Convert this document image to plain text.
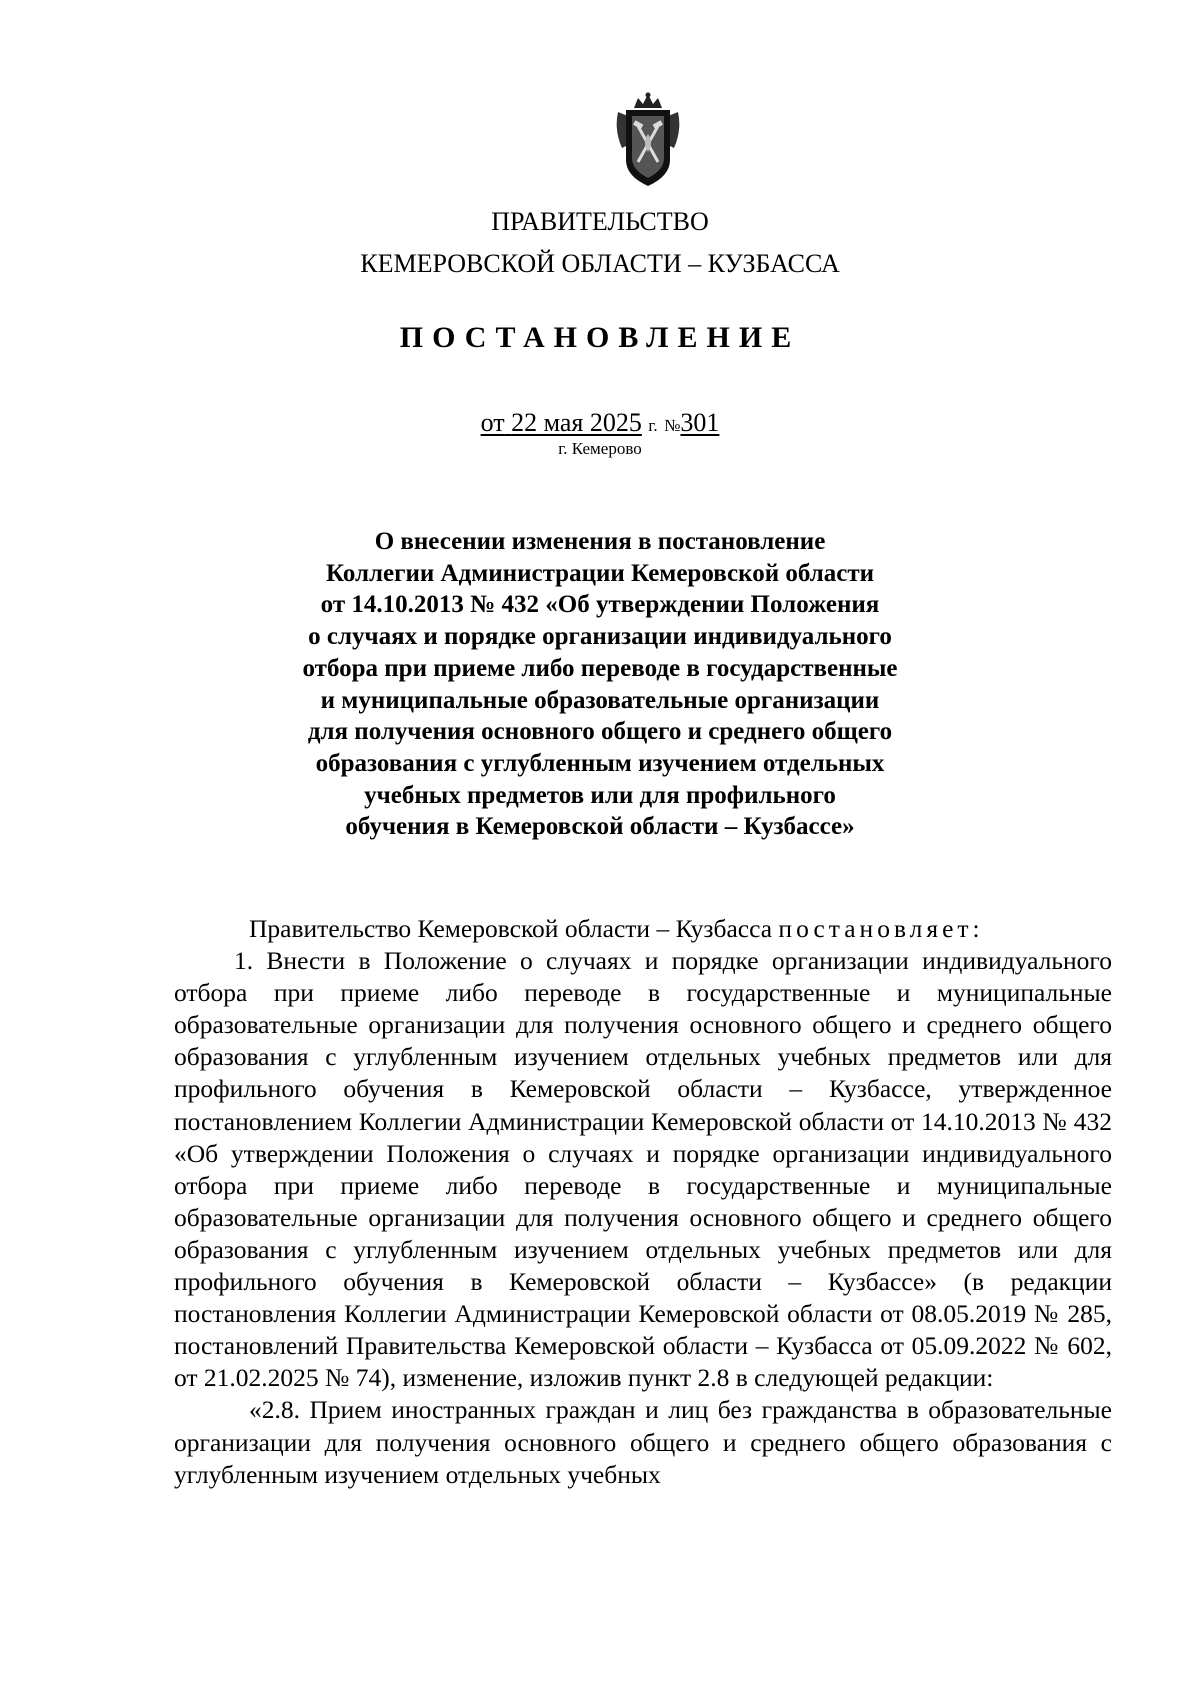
ПРАВИТЕЛЬСТВО
КЕМЕРОВСКОЙ ОБЛАСТИ – КУЗБАССА
ПОСТАНОВЛЕНИЕ
от 22 мая 2025 г. №301
г. Кемерово
О внесении изменения в постановление
Коллегии Администрации Кемеровской области
от 14.10.2013 № 432 «Об утверждении Положения
о случаях и порядке организации индивидуального
отбора при приеме либо переводе в государственные
и муниципальные образовательные организации
для получения основного общего и среднего общего
образования с углубленным изучением отдельных
учебных предметов или для профильного
обучения в Кемеровской области – Кузбассе»

Правительство Кемеровской области – Кузбасса постановляет:

1. Внести в Положение о случаях и порядке организации индивидуального отбора при приеме либо переводе в государственные и муниципальные образовательные организации для получения основного общего и среднего общего образования с углубленным изучением отдельных учебных предметов или для профильного обучения в Кемеровской области – Кузбассе, утвержденное постановлением Коллегии Администрации Кемеровской области от 14.10.2013 № 432 «Об утверждении Положения о случаях и порядке организации индивидуального отбора при приеме либо переводе в государственные и муниципальные образовательные организации для получения основного общего и среднего общего образования с углубленным изучением отдельных учебных предметов или для профильного обучения в Кемеровской области – Кузбассе» (в редакции постановления Коллегии Администрации Кемеровской области от 08.05.2019 № 285, постановлений Правительства Кемеровской области – Кузбасса от 05.09.2022 № 602, от 21.02.2025 № 74), изменение, изложив пункт 2.8 в следующей редакции:

«2.8. Прием иностранных граждан и лиц без гражданства в образовательные организации для получения основного общего и среднего общего образования с углубленным изучением отдельных учебных
